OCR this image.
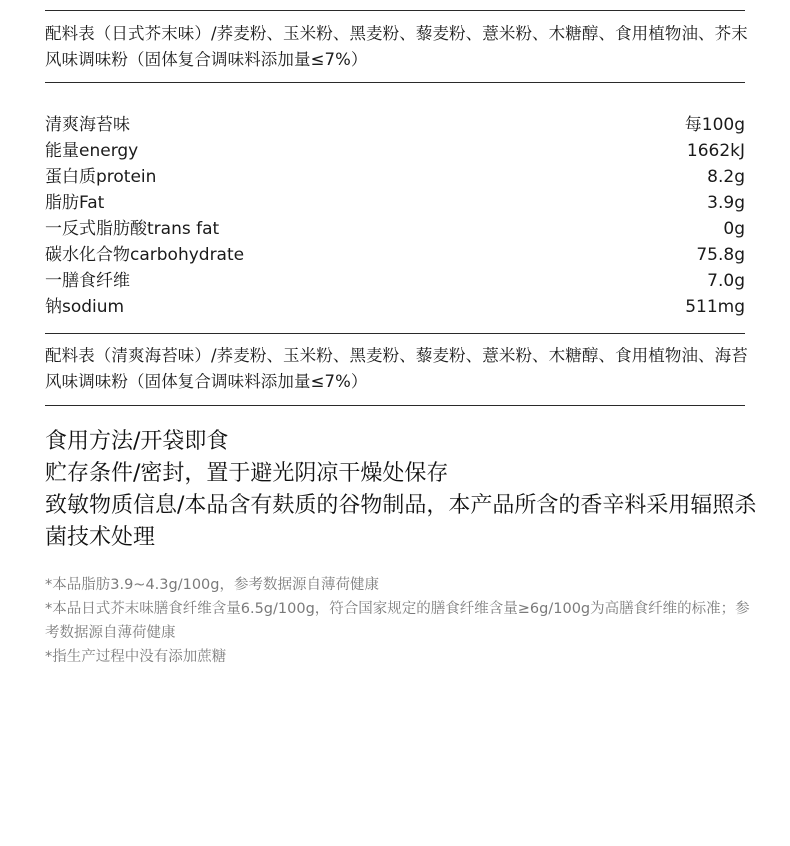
配料表（日式芥末味）/荞麦粉、玉米粉、黑麦粉、藜麦粉、薏米粉、木糖醇、食用植物油、芥末风味调味粉（固体复合调味料添加量≤7%）
清爽海苔味	每100g
能量energy	1662kJ
蛋白质protein	8.2g
脂肪Fat	3.9g
一反式脂肪酸trans fat	0g
碳水化合物carbohydrate	75.8g
一膳食纤维	7.0g
钠sodium	511mg
配料表（清爽海苔味）/荞麦粉、玉米粉、黑麦粉、藜麦粉、薏米粉、木糖醇、食用植物油、海苔风味调味粉（固体复合调味料添加量≤7%）

食用方法/开袋即食

贮存条件/密封，置于避光阴凉干燥处保存

致敏物质信息/本品含有麸质的谷物制品，本产品所含的香辛料采用辐照杀菌技术处理

*本品脂肪3.9~4.3g/100g，参考数据源自薄荷健康

*本品日式芥末味膳食纤维含量6.5g/100g，符合国家规定的膳食纤维含量≥6g/100g为高膳食纤维的标准；参考数据源自薄荷健康

*指生产过程中没有添加蔗糖
